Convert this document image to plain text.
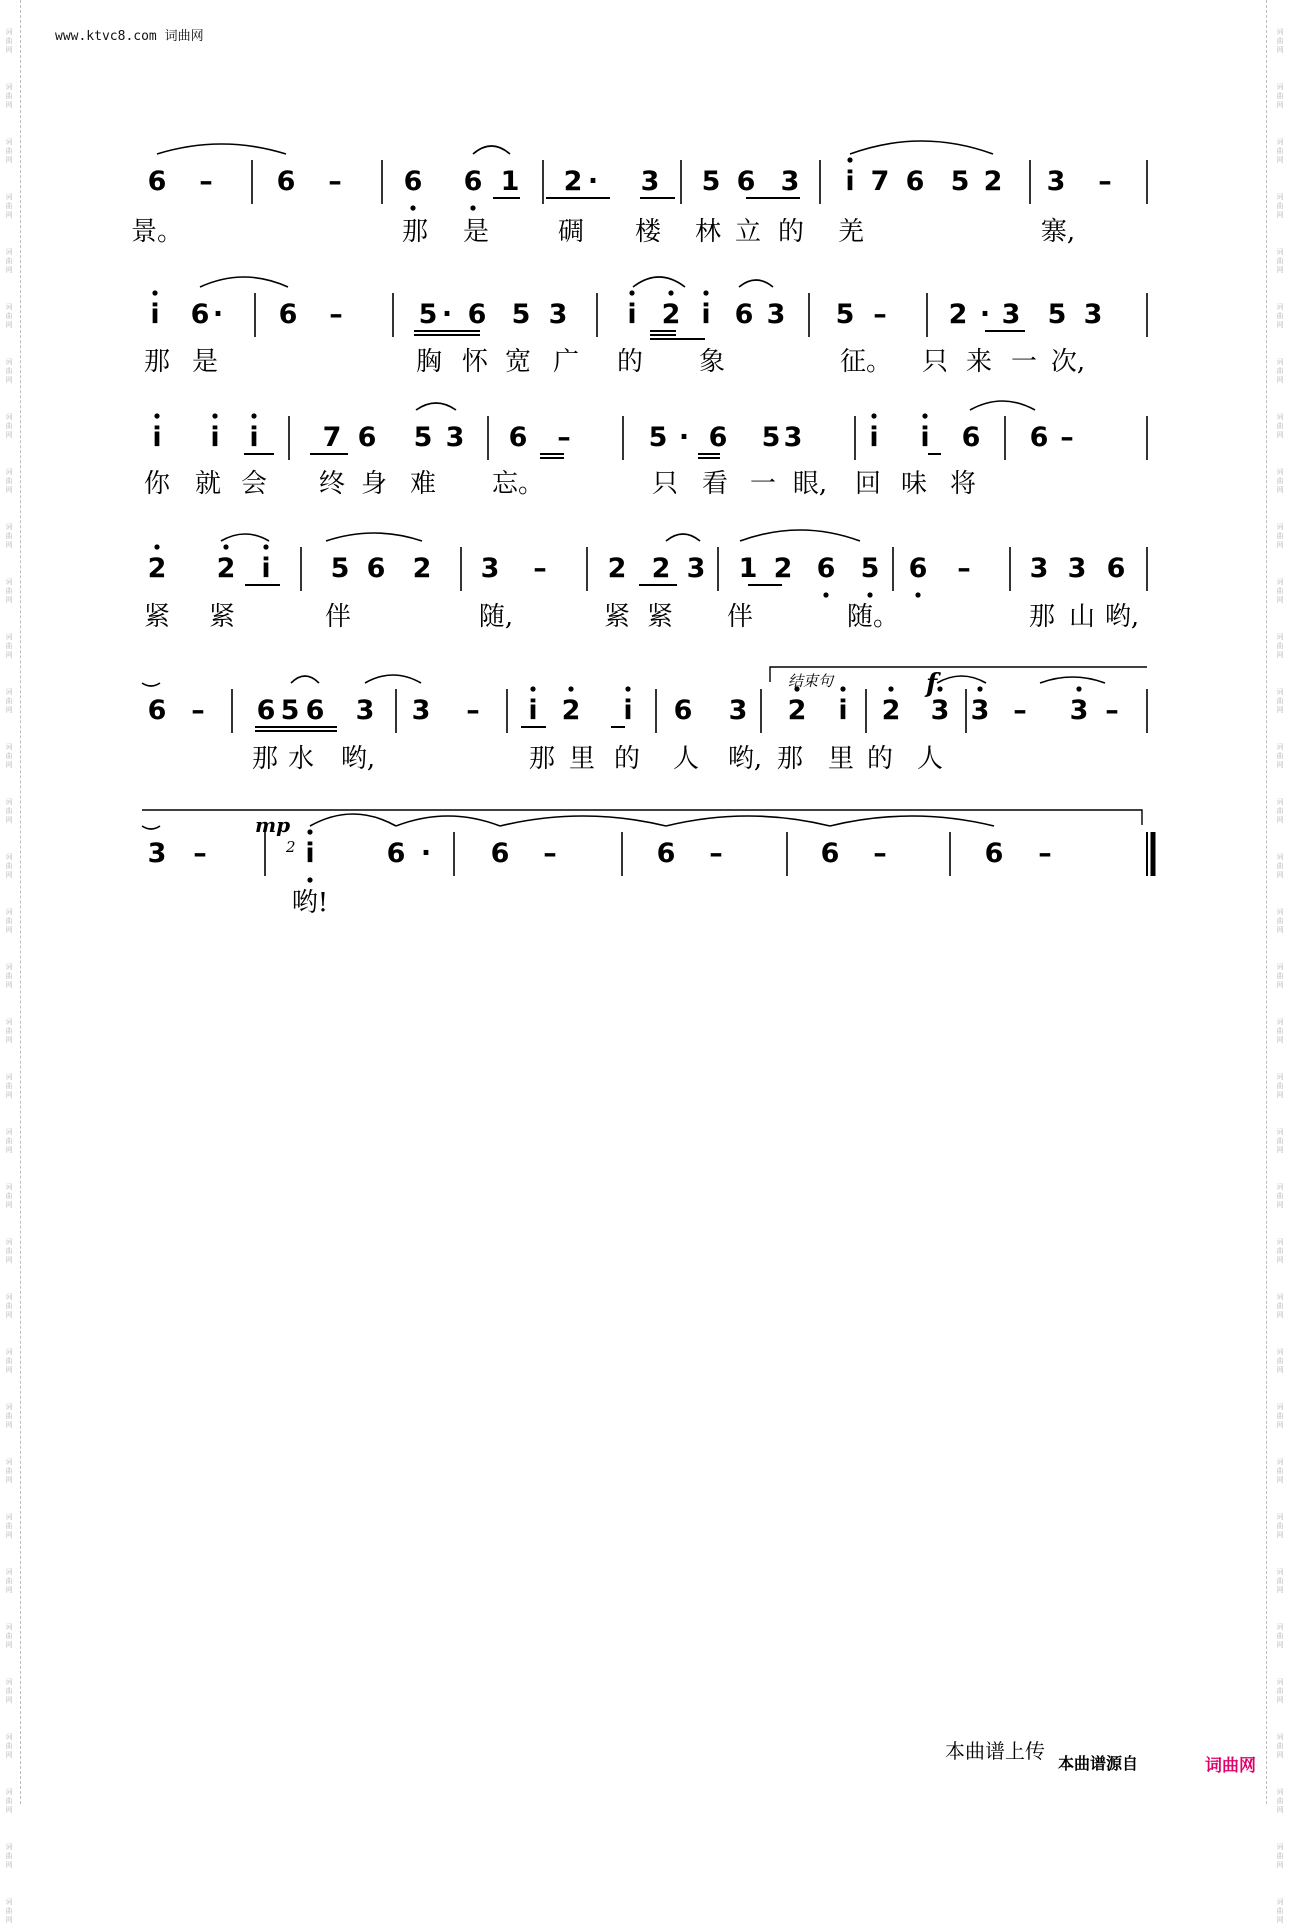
词
曲
网
词
曲
网
词
曲
网
词
曲
网
词
曲
网
词
曲
网
词
曲
网
词
曲
网
词
曲
网
词
曲
网
词
曲
网
词
曲
网
词
曲
网
词
曲
网
词
曲
网
词
曲
网
词
曲
网
词
曲
网
词
曲
网
词
曲
网
词
曲
网
词
曲
网
词
曲
网
词
曲
网
词
曲
网
词
曲
网
词
曲
网
词
曲
网
词
曲
网
词
曲
网
词
曲
网
词
曲
网
词
曲
网
词
曲
网
词
曲
网
词
曲
网
词
曲
网
词
曲
网
词
曲
网
词
曲
网
词
曲
网
词
曲
网
词
曲
网
词
曲
网
词
曲
网
词
曲
网
词
曲
网
词
曲
网
词
曲
网
词
曲
网
词
曲
网
词
曲
网
词
曲
网
词
曲
网
词
曲
网
词
曲
网
词
曲
网
词
曲
网
词
曲
网
词
曲
网
词
曲
网
词
曲
网
词
曲
网
词
曲
网
词
曲
网
词
曲
网
词
曲
网
词
曲
网
词
曲
网
词
曲
网
www.ktvc8.com 词曲网
6 – 6 – 6 6 1 2 · 3 5 6 3 i 7 6 5 2 3 –
i 6 · 6 –	5 · 6 5 3 i 2 i 6 3 5 – 2 · 3 5 3
i i i 7 6 5 3 6 –	5 · 6 5 3 i i 6 6 –
2 2 i 5 6 2 3 – 2 2 3 1 2 6 5 6 – 3 3 6
6 – 6 5 6 3 3 – i 2 i 6 3 2 i 2 3 3 – 3 –
3 –	i	6 · 6 –	6 –	6 –	6 –
景。	那 是	碉 楼 林 立 的 羌	寨,
那 是	胸 怀 宽 广 的 象	征。 只 来 一 次,
你 就 会 终 身 难 忘。	只 看 一 眼, 回 味 将
紧 紧	伴	随,	紧 紧 伴	随。	那 山 哟,
那 水 哟,	那 里 的 人 哟, 那 里 的 人
哟!
结束句	f
mp
2
本曲谱上传
本曲谱源自	词曲网
